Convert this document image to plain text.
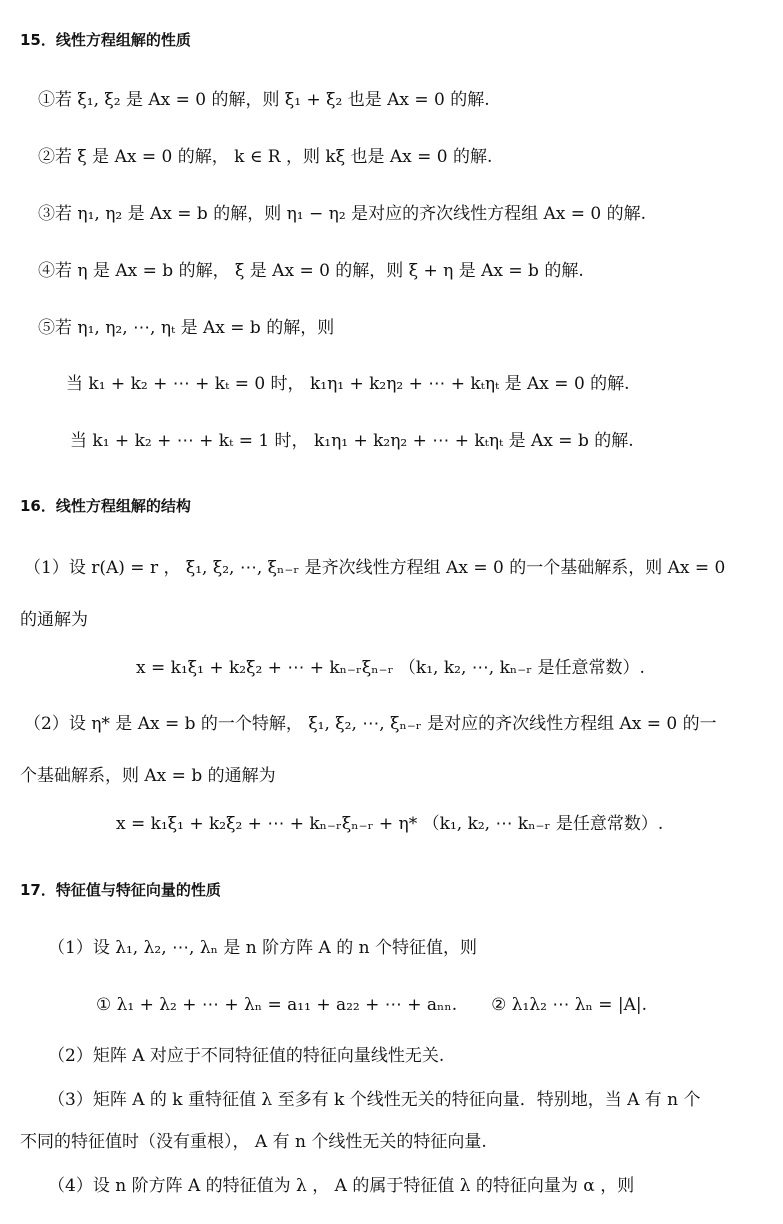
15．线性方程组解的性质
①若 ξ₁, ξ₂ 是 Ax = 0 的解，则 ξ₁ + ξ₂ 也是 Ax = 0 的解.
②若 ξ 是 Ax = 0 的解， k ∈ R ，则 kξ 也是 Ax = 0 的解.
③若 η₁, η₂ 是 Ax = b 的解，则 η₁ − η₂ 是对应的齐次线性方程组 Ax = 0 的解.
④若 η 是 Ax = b 的解， ξ 是 Ax = 0 的解，则 ξ + η 是 Ax = b 的解.
⑤若 η₁, η₂, ⋯, ηₜ 是 Ax = b 的解，则
当 k₁ + k₂ + ⋯ + kₜ = 0 时， k₁η₁ + k₂η₂ + ⋯ + kₜηₜ 是 Ax = 0 的解.
当 k₁ + k₂ + ⋯ + kₜ = 1 时， k₁η₁ + k₂η₂ + ⋯ + kₜηₜ 是 Ax = b 的解.
16．线性方程组解的结构
（1）设 r(A) = r ， ξ₁, ξ₂, ⋯, ξₙ₋ᵣ 是齐次线性方程组 Ax = 0 的一个基础解系，则 Ax = 0
的通解为
x = k₁ξ₁ + k₂ξ₂ + ⋯ + kₙ₋ᵣξₙ₋ᵣ （k₁, k₂, ⋯, kₙ₋ᵣ 是任意常数）.
（2）设 η* 是 Ax = b 的一个特解， ξ₁, ξ₂, ⋯, ξₙ₋ᵣ 是对应的齐次线性方程组 Ax = 0 的一
个基础解系，则 Ax = b 的通解为
x = k₁ξ₁ + k₂ξ₂ + ⋯ + kₙ₋ᵣξₙ₋ᵣ + η* （k₁, k₂, ⋯ kₙ₋ᵣ 是任意常数）.
17．特征值与特征向量的性质
（1）设 λ₁, λ₂, ⋯, λₙ 是 n 阶方阵 A 的 n 个特征值，则
① λ₁ + λ₂ + ⋯ + λₙ = a₁₁ + a₂₂ + ⋯ + aₙₙ.　　② λ₁λ₂ ⋯ λₙ = |A|.
（2）矩阵 A 对应于不同特征值的特征向量线性无关.
（3）矩阵 A 的 k 重特征值 λ 至多有 k 个线性无关的特征向量．特别地，当 A 有 n 个
不同的特征值时（没有重根）， A 有 n 个线性无关的特征向量.
（4）设 n 阶方阵 A 的特征值为 λ ， A 的属于特征值 λ 的特征向量为 α ，则
